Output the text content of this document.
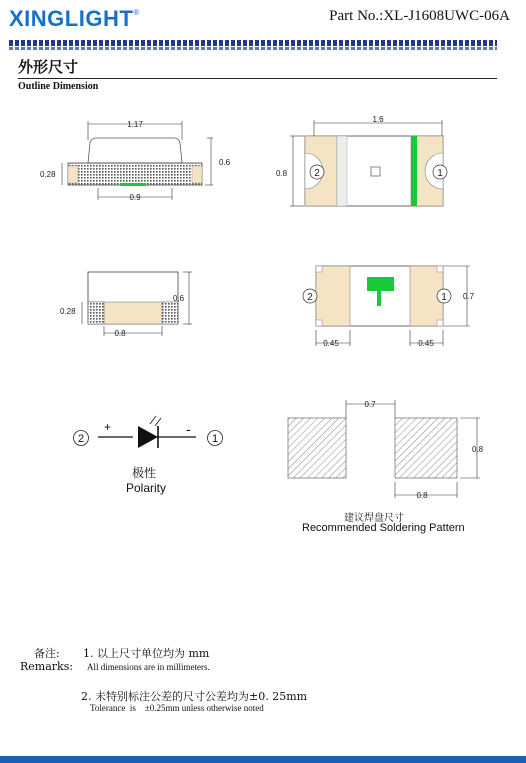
XINGLIGHT®	Part No.:XL-J1608UWC-06A
外形尺寸
Outline Dimension
1.17
0.6
0.28
0.9
2	1
1.6
0.8
0.6
0.28
0.8
2	1 0.7
0.45	0.45
+	-
2	1
0.7
0.8
0.8
极性
Polarity
建议焊盘尺寸
Recommended Soldering Pattern
备注:
Remarks:
1. 以上尺寸单位均为 mm
All dimensions are in millimeters.
2. 未特别标注公差的尺寸公差均为±0. 25mm
Tolerance  is    ±0.25mm unless otherwise noted
